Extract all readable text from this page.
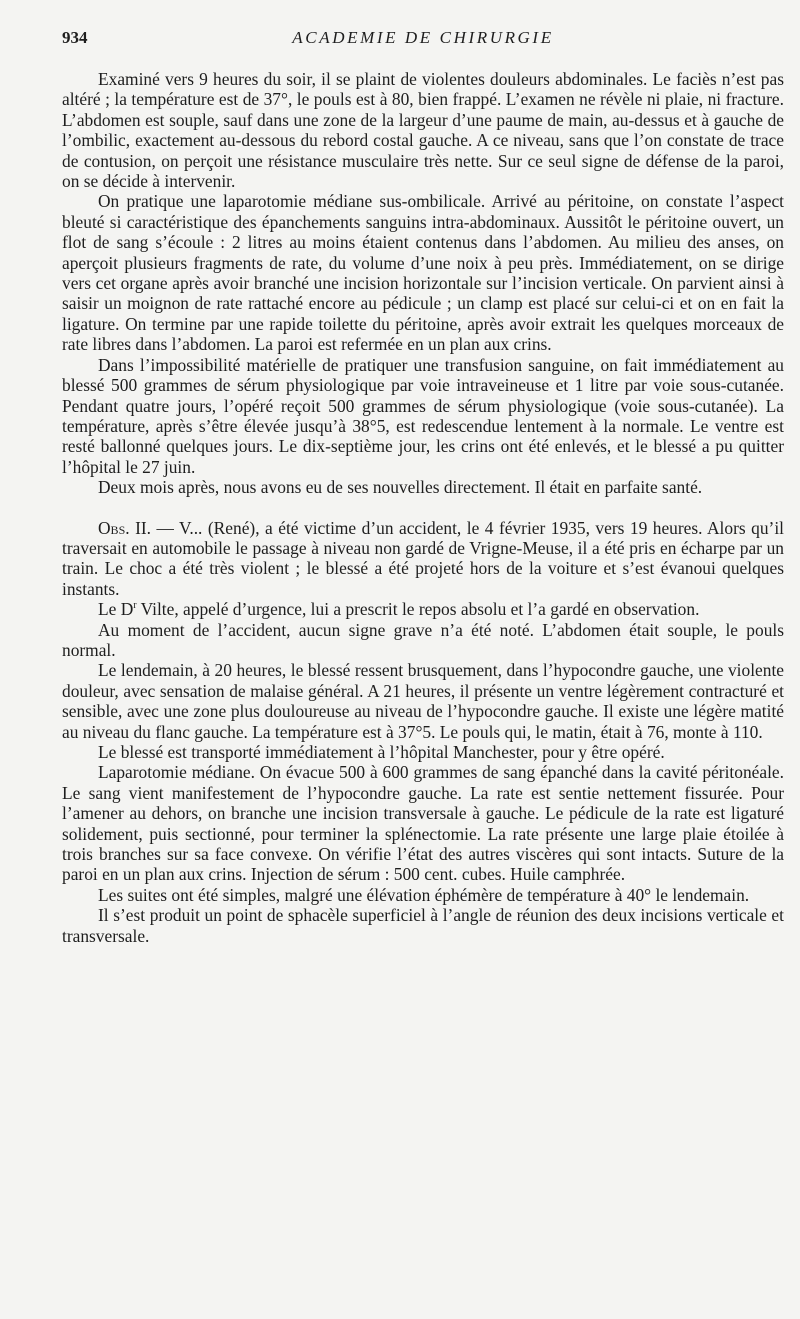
934	ACADEMIE DE CHIRURGIE

Examiné vers 9 heures du soir, il se plaint de violentes douleurs abdominales. Le faciès n’est pas altéré ; la température est de 37°, le pouls est à 80, bien frappé. L’examen ne révèle ni plaie, ni fracture. L’abdomen est souple, sauf dans une zone de la largeur d’une paume de main, au-dessus et à gauche de l’ombilic, exactement au-dessous du rebord costal gauche. A ce niveau, sans que l’on constate de trace de contusion, on perçoit une résistance musculaire très nette. Sur ce seul signe de défense de la paroi, on se décide à intervenir.

On pratique une laparotomie médiane sus-ombilicale. Arrivé au péritoine, on constate l’aspect bleuté si caractéristique des épanchements sanguins intra-abdominaux. Aussitôt le péritoine ouvert, un flot de sang s’écoule : 2 litres au moins étaient contenus dans l’abdomen. Au milieu des anses, on aperçoit plusieurs fragments de rate, du volume d’une noix à peu près. Immédiatement, on se dirige vers cet organe après avoir branché une incision horizontale sur l’incision verticale. On parvient ainsi à saisir un moignon de rate rattaché encore au pédicule ; un clamp est placé sur celui-ci et on en fait la ligature. On termine par une rapide toilette du péritoine, après avoir extrait les quelques morceaux de rate libres dans l’abdomen. La paroi est refermée en un plan aux crins.

Dans l’impossibilité matérielle de pratiquer une transfusion sanguine, on fait immédiatement au blessé 500 grammes de sérum physiologique par voie intraveineuse et 1 litre par voie sous-cutanée. Pendant quatre jours, l’opéré reçoit 500 grammes de sérum physiologique (voie sous-cutanée). La température, après s’être élevée jusqu’à 38°5, est redescendue lentement à la normale. Le ventre est resté ballonné quelques jours. Le dix-septième jour, les crins ont été enlevés, et le blessé a pu quitter l’hôpital le 27 juin.

Deux mois après, nous avons eu de ses nouvelles directement. Il était en parfaite santé.

Obs. II. — V... (René), a été victime d’un accident, le 4 février 1935, vers 19 heures. Alors qu’il traversait en automobile le passage à niveau non gardé de Vrigne-Meuse, il a été pris en écharpe par un train. Le choc a été très violent ; le blessé a été projeté hors de la voiture et s’est évanoui quelques instants.

Le $D^r$ Vilte, appelé d’urgence, lui a prescrit le repos absolu et l’a gardé en observation.

Au moment de l’accident, aucun signe grave n’a été noté. L’abdomen était souple, le pouls normal.

Le lendemain, à 20 heures, le blessé ressent brusquement, dans l’hypocondre gauche, une violente douleur, avec sensation de malaise général. A 21 heures, il présente un ventre légèrement contracturé et sensible, avec une zone plus douloureuse au niveau de l’hypocondre gauche. Il existe une légère matité au niveau du flanc gauche. La température est à 37°5. Le pouls qui, le matin, était à 76, monte à 110.

Le blessé est transporté immédiatement à l’hôpital Manchester, pour y être opéré.

Laparotomie médiane. On évacue 500 à 600 grammes de sang épanché dans la cavité péritonéale. Le sang vient manifestement de l’hypocondre gauche. La rate est sentie nettement fissurée. Pour l’amener au dehors, on branche une incision transversale à gauche. Le pédicule de la rate est ligaturé solidement, puis sectionné, pour terminer la splénectomie. La rate présente une large plaie étoilée à trois branches sur sa face convexe. On vérifie l’état des autres viscères qui sont intacts. Suture de la paroi en un plan aux crins. Injection de sérum : 500 cent. cubes. Huile camphrée.

Les suites ont été simples, malgré une élévation éphémère de température à 40° le lendemain.

Il s’est produit un point de sphacèle superficiel à l’angle de réunion des deux incisions verticale et transversale.
